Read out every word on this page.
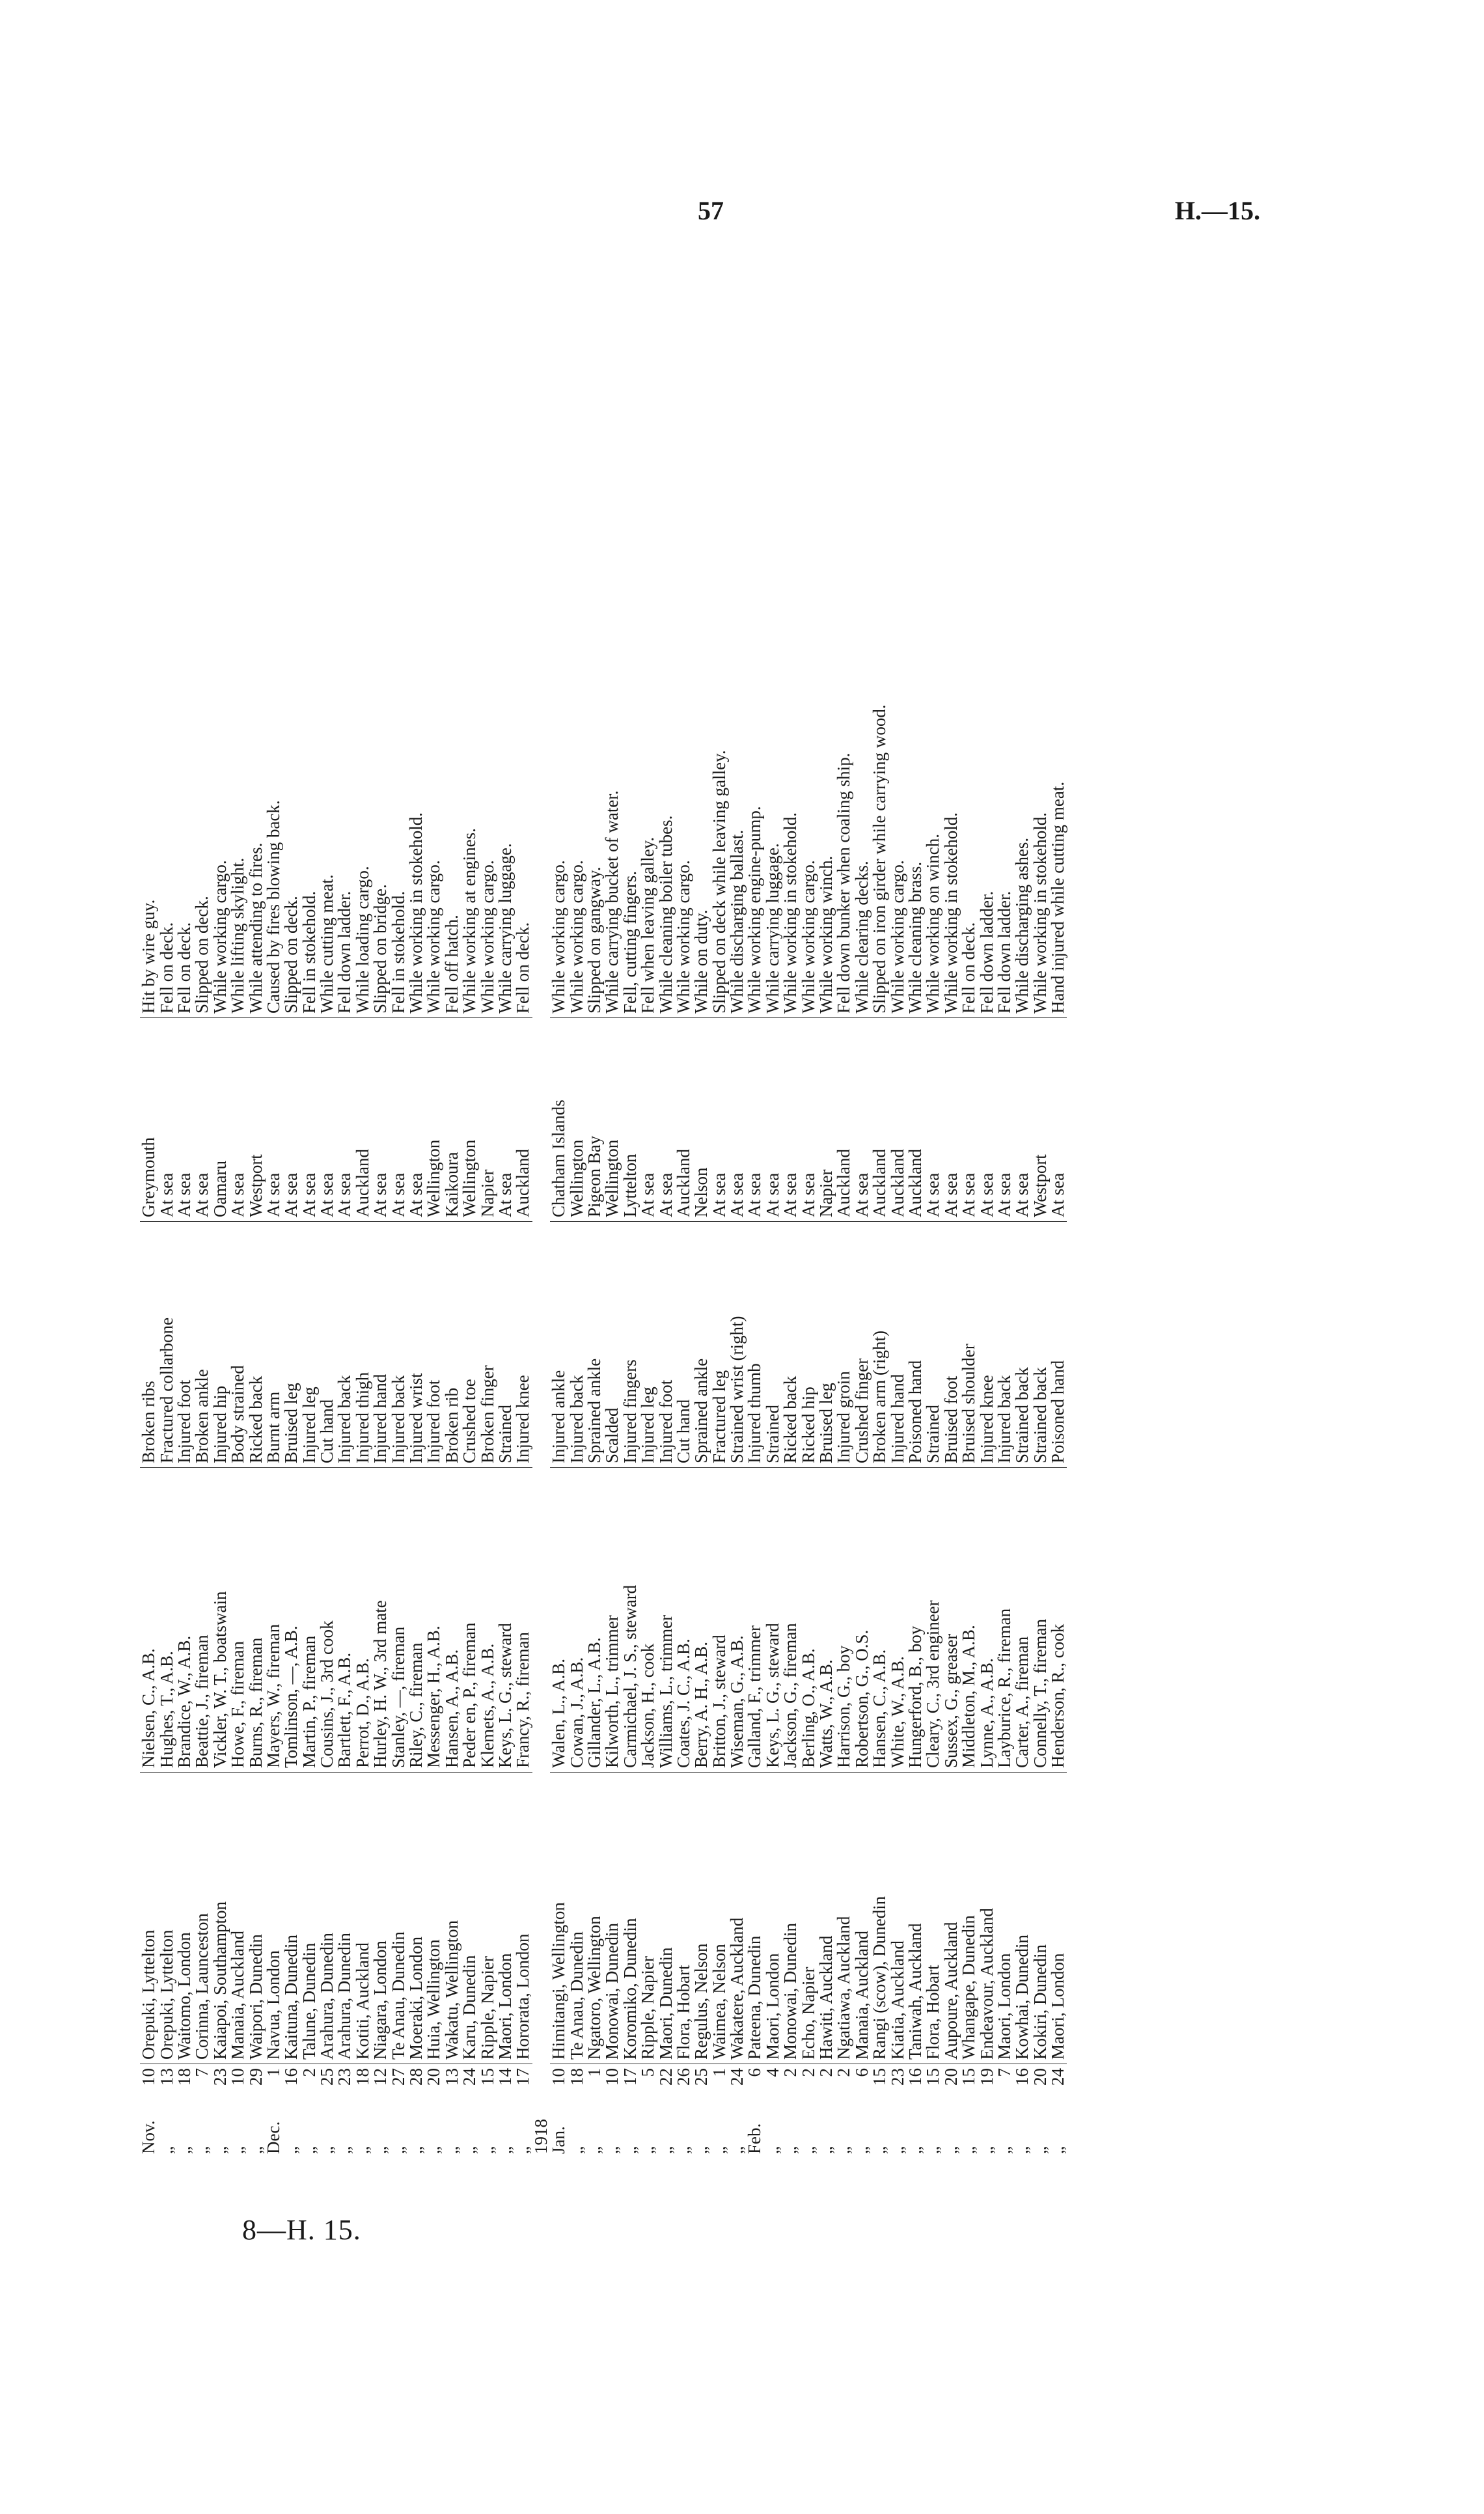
57	H.—15.
Nov.	10	Orepuki, Lyttelton	Nielsen, C., A.B.	Broken ribs	Greymouth	Hit by wire guy.
„	13	Orepuki, Lyttelton	Hughes, T., A.B.	Fractured collarbone	At sea	Fell on deck.
„	18	Waitomo, London	Brandice, W., A.B.	Injured foot	At sea	Fell on deck.
„	7	Corinna, Launceston	Beattie, J., fireman	Broken ankle	At sea	Slipped on deck.
„	23	Kaiapoi, Southampton	Vickler, W. T., boatswain	Injured hip	Oamaru	While working cargo.
„	10	Manaia, Auckland	Howe, F., fireman	Body strained	At sea	While lifting skylight.
„	29	Waipori, Dunedin	Burns, R., fireman	Ricked back	Westport	While attending to fires.
Dec.	1	Navua, London	Mayers, W., fireman	Burnt arm	At sea	Caused by fires blowing back.
„	16	Kaituna, Dunedin	Tomlinson, —, A.B.	Bruised leg	At sea	Slipped on deck.
„	2	Talune, Dunedin	Martin, P., fireman	Injured leg	At sea	Fell in stokehold.
„	25	Arahura, Dunedin	Cousins, J., 3rd cook	Cut hand	At sea	While cutting meat.
„	23	Arahura, Dunedin	Bartlett, F., A.B.	Injured back	At sea	Fell down ladder.
„	18	Kotiti, Auckland	Perrot, D., A.B.	Injured thigh	Auckland	While loading cargo.
„	12	Niagara, London	Hurley, H. W., 3rd mate	Injured hand	At sea	Slipped on bridge.
„	27	Te Anau, Dunedin	Stanley, —, fireman	Injured back	At sea	Fell in stokehold.
„	28	Moeraki, London	Riley, C., fireman	Injured wrist	At sea	While working in stokehold.
„	20	Huia, Wellington	Messenger, H., A.B.	Injured foot	Wellington	While working cargo.
„	13	Wakatu, Wellington	Hansen, A., A.B.	Broken rib	Kaikoura	Fell off hatch.
„	24	Karu, Dunedin	Peder en, P., fireman	Crushed toe	Wellington	While working at engines.
„	15	Ripple, Napier	Klemets, A., A.B.	Broken finger	Napier	While working cargo.
„	14	Maori, London	Keys, L. G., steward	Strained	At sea	While carrying luggage.
„	17	Hororata, London	Francy, R., fireman	Injured knee	Auckland	Fell on deck.
1918						
Jan.	10	Himitangi, Wellington	Walen, L., A.B.	Injured ankle	Chatham Islands	While working cargo.
„	18	Te Anau, Dunedin	Cowan, J., A.B.	Injured back	Wellington	While working cargo.
„	1	Ngatoro, Wellington	Gillander, L., A.B.	Sprained ankle	Pigeon Bay	Slipped on gangway.
„	10	Monowai, Dunedin	Kilworth, L., trimmer	Scalded	Wellington	While carrying bucket of water.
„	17	Koromiko, Dunedin	Carmichael, J. S., steward	Injured fingers	Lyttelton	Fell, cutting fingers.
„	5	Ripple, Napier	Jackson, H., cook	Injured leg	At sea	Fell when leaving galley.
„	22	Maori, Dunedin	Williams, L., trimmer	Injured foot	At sea	While cleaning boiler tubes.
„	26	Flora, Hobart	Coates, J. C., A.B.	Cut hand	Auckland	While working cargo.
„	25	Regulus, Nelson	Berry, A. H., A.B.	Sprained ankle	Nelson	While on duty.
„	1	Waimea, Nelson	Britton, J., steward	Fractured leg	At sea	Slipped on deck while leaving galley.
„	24	Wakatere, Auckland	Wiseman, G., A.B.	Strained wrist (right)	At sea	While discharging ballast.
Feb.	6	Pateena, Dunedin	Galland, F., trimmer	Injured thumb	At sea	While working engine-pump.
„	4	Maori, London	Keys, L. G., steward	Strained	At sea	While carrying luggage.
„	2	Monowai, Dunedin	Jackson, G., fireman	Ricked back	At sea	While working in stokehold.
„	2	Echo, Napier	Berling, O., A.B.	Ricked hip	At sea	While working cargo.
„	2	Hawiti, Auckland	Watts, W., A.B.	Bruised leg	Napier	While working winch.
„	2	Ngatiawa, Auckland	Harrison, G., boy	Injured groin	Auckland	Fell down bunker when coaling ship.
„	6	Manaia, Auckland	Robertson, G., O.S.	Crushed finger	At sea	While clearing decks.
„	15	Rangi (scow), Dunedin	Hansen, C., A.B.	Broken arm (right)	Auckland	Slipped on iron girder while carrying wood.
„	23	Kiatia, Auckland	White, W., A.B.	Injured hand	Auckland	While working cargo.
„	16	Taniwah, Auckland	Hungerford, B., boy	Poisoned hand	Auckland	While cleaning brass.
„	15	Flora, Hobart	Cleary, C., 3rd engineer	Strained	At sea	While working on winch.
„	20	Aupoure, Auckland	Sussex, G., greaser	Bruised foot	At sea	While working in stokehold.
„	15	Whangape, Dunedin	Middleton, M., A.B.	Bruised shoulder	At sea	Fell on deck.
„	19	Endeavour, Auckland	Lynne, A., A.B.	Injured knee	At sea	Fell down ladder.
„	7	Maori, London	Layburice, R., fireman	Injured back	At sea	Fell down ladder.
„	16	Kowhai, Dunedin	Carter, A., fireman	Strained back	At sea	While discharging ashes.
„	20	Kokiri, Dunedin	Connelly, T., fireman	Strained back	Westport	While working in stokehold.
„	24	Maori, London	Henderson, R., cook	Poisoned hand	At sea	Hand injured while cutting meat.
8—H. 15.
